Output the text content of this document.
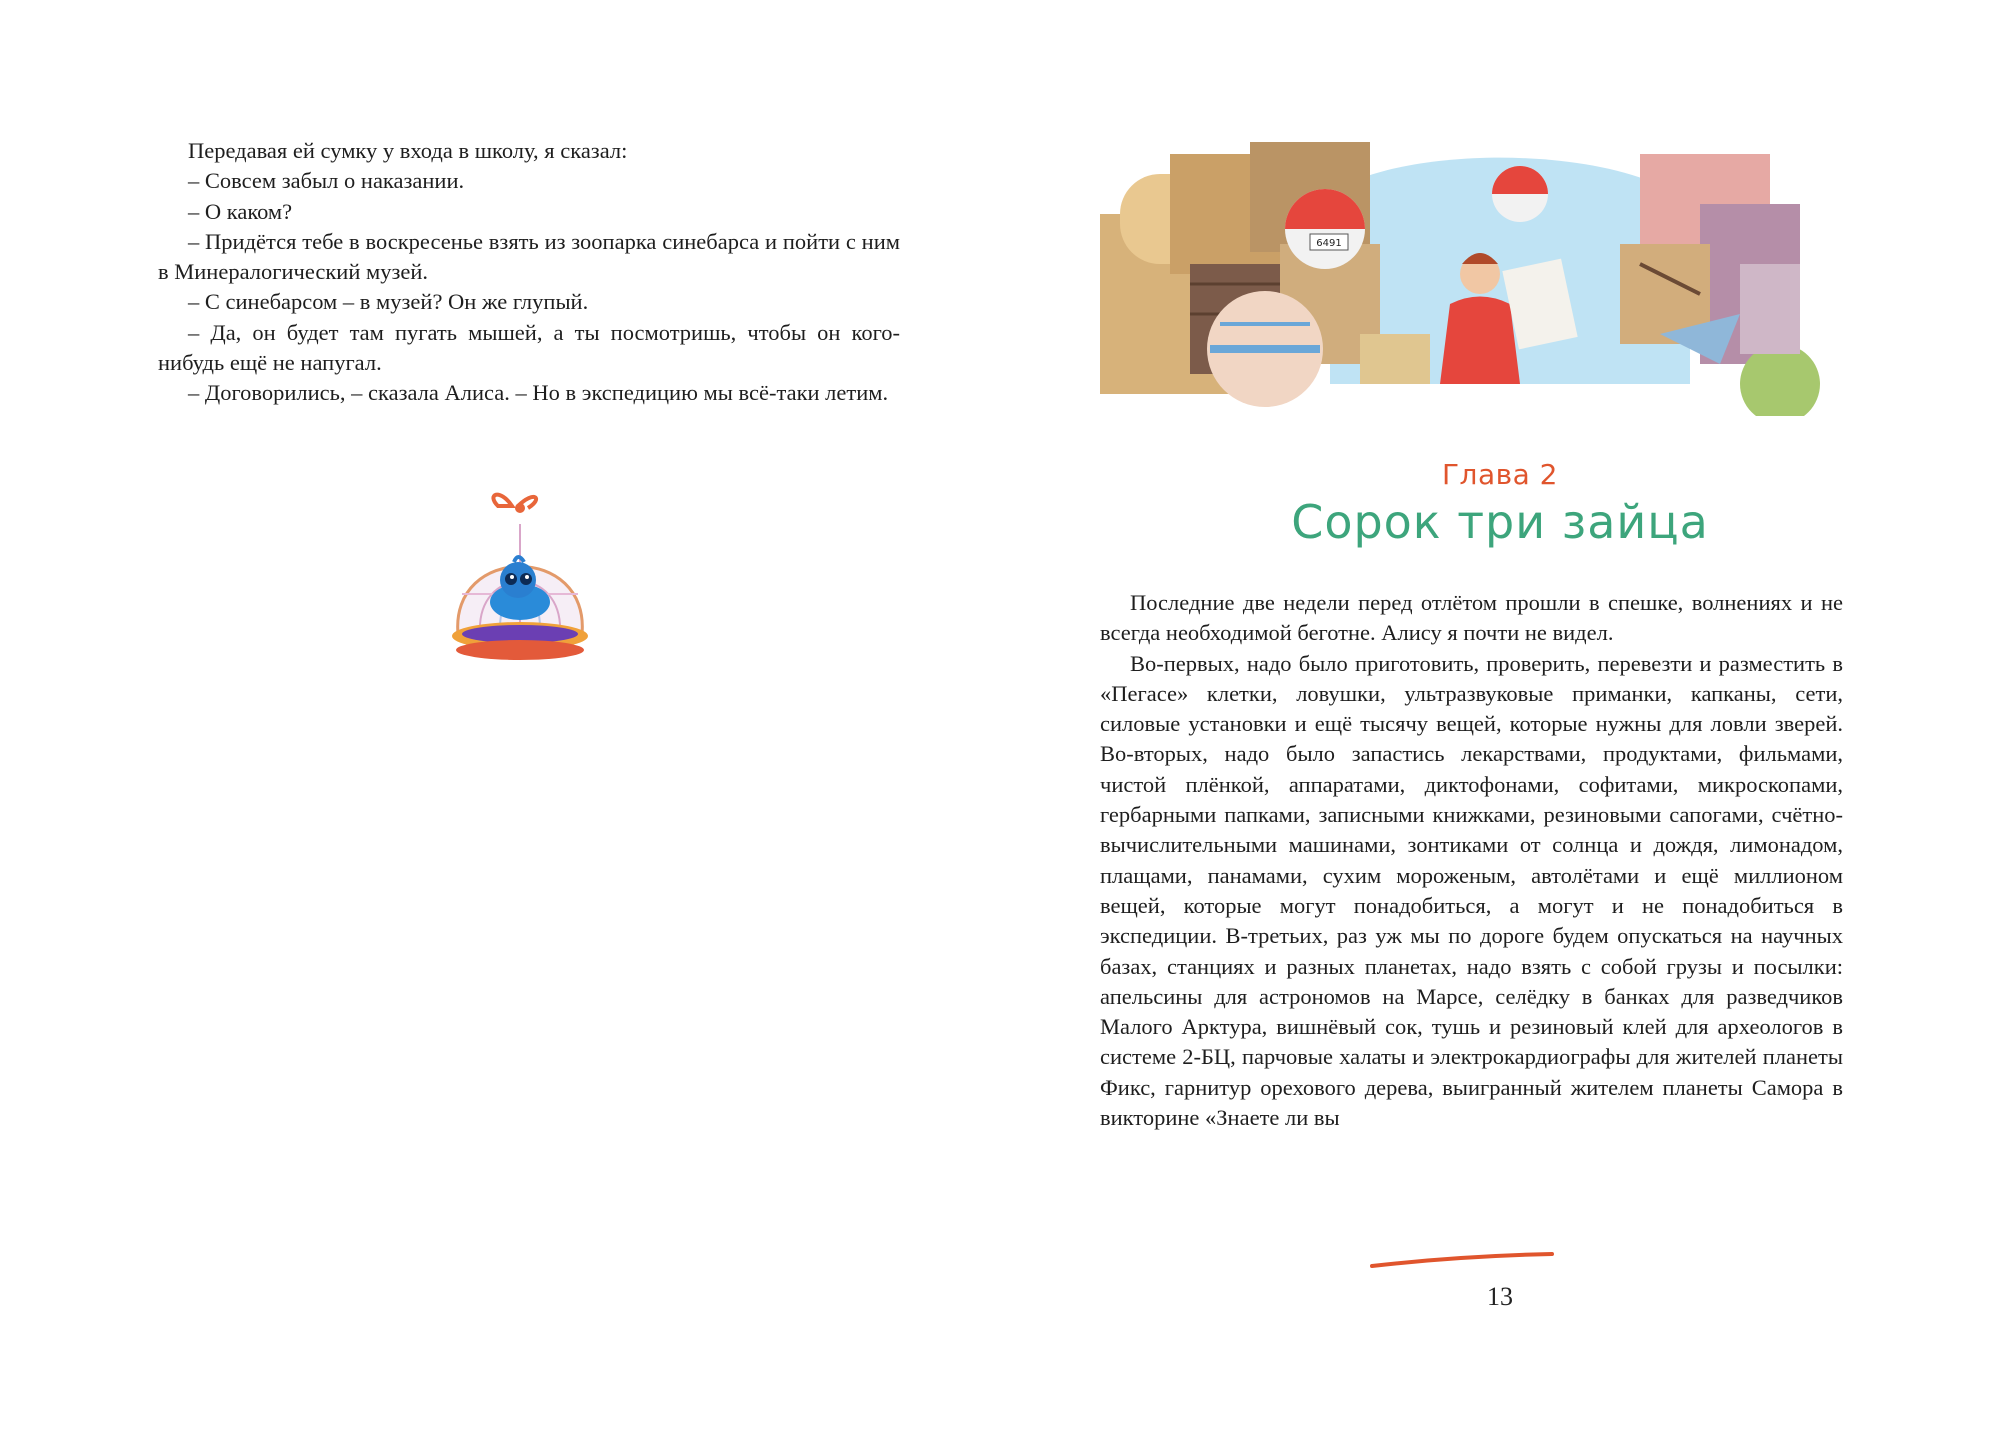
Передавая ей сумку у входа в школу, я сказал:

– Совсем забыл о наказании.

– О каком?

– Придётся тебе в воскресенье взять из зоопарка синебарса и пойти с ним в Минералогический музей.

– С синебарсом – в музей? Он же глупый.

– Да, он будет там пугать мышей, а ты посмотришь, чтобы он кого-нибудь ещё не напугал.

– Договорились, – сказала Алиса. – Но в экспедицию мы всё-таки летим.

6491
Глава 2
Сорок три зайца

Последние две недели перед отлётом прошли в спешке, волнениях и не всегда необходимой беготне. Алису я почти не видел.

Во-первых, надо было приготовить, проверить, перевезти и разместить в «Пегасе» клетки, ловушки, ультразвуковые приманки, капканы, сети, силовые установки и ещё тысячу вещей, которые нужны для ловли зверей. Во-вторых, надо было запастись лекарствами, продуктами, фильмами, чистой плёнкой, аппаратами, диктофонами, софитами, микроскопами, гербарными папками, записными книжками, резиновыми сапогами, счётно-вычислительными машинами, зонтиками от солнца и дождя, лимонадом, плащами, панамами, сухим мороженым, автолётами и ещё миллионом вещей, которые могут понадобиться, а могут и не понадобиться в экспедиции. В-третьих, раз уж мы по дороге будем опускаться на научных базах, станциях и разных планетах, надо взять с собой грузы и посылки: апельсины для астрономов на Марсе, селёдку в банках для разведчиков Малого Арктура, вишнёвый сок, тушь и резиновый клей для археологов в системе 2-БЦ, парчовые халаты и электрокардиографы для жителей планеты Фикс, гарнитур орехового дерева, выигранный жителем планеты Самора в викторине «Знаете ли вы

13
